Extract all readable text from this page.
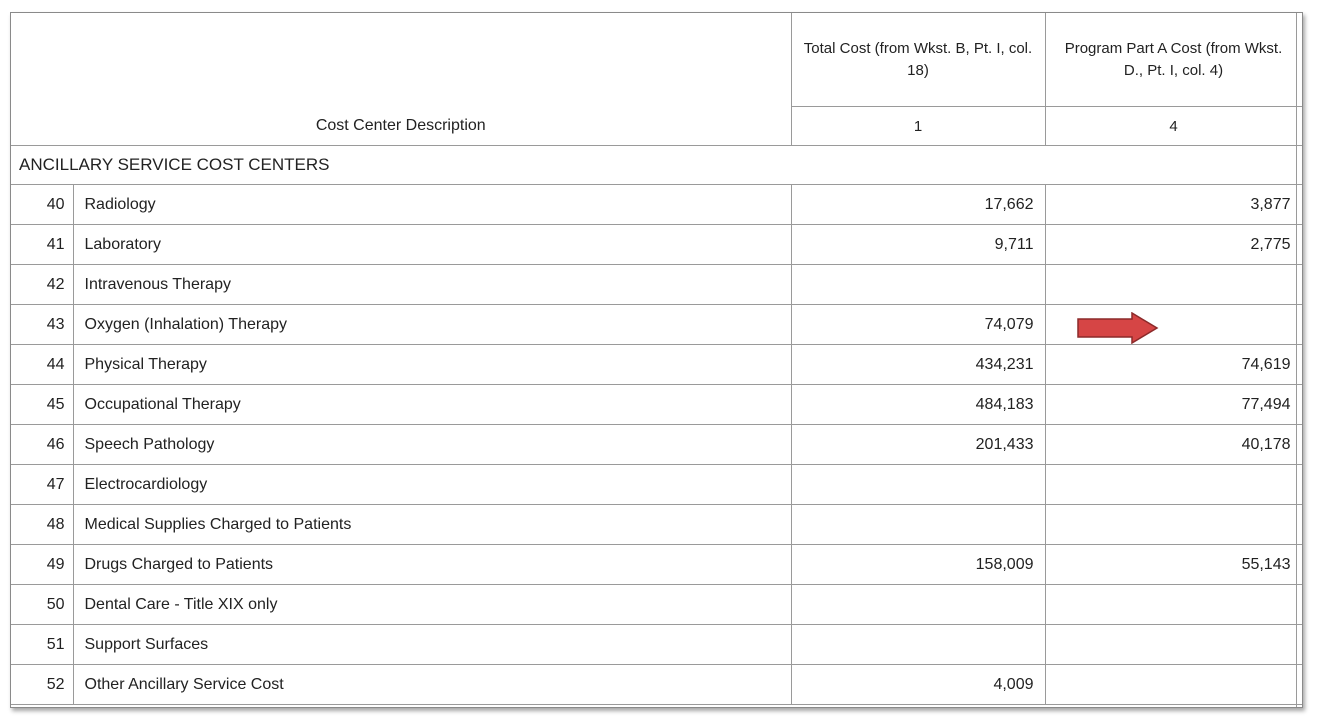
		Total Cost (from Wkst. B, Pt. I, col. 18)	Program Part A Cost (from Wkst. D., Pt. I, col. 4)
Cost Center Description		1	4
ANCILLARY SERVICE COST CENTERS			
40	Radiology	17,662	3,877
41	Laboratory	9,711	2,775
42	Intravenous Therapy		
43	Oxygen (Inhalation) Therapy	74,079	

44	Physical Therapy	434,231	74,619
45	Occupational Therapy	484,183	77,494
46	Speech Pathology	201,433	40,178
47	Electrocardiology		
48	Medical Supplies Charged to Patients		
49	Drugs Charged to Patients	158,009	55,143
50	Dental Care - Title XIX only		
51	Support Surfaces		
52	Other Ancillary Service Cost	4,009	
